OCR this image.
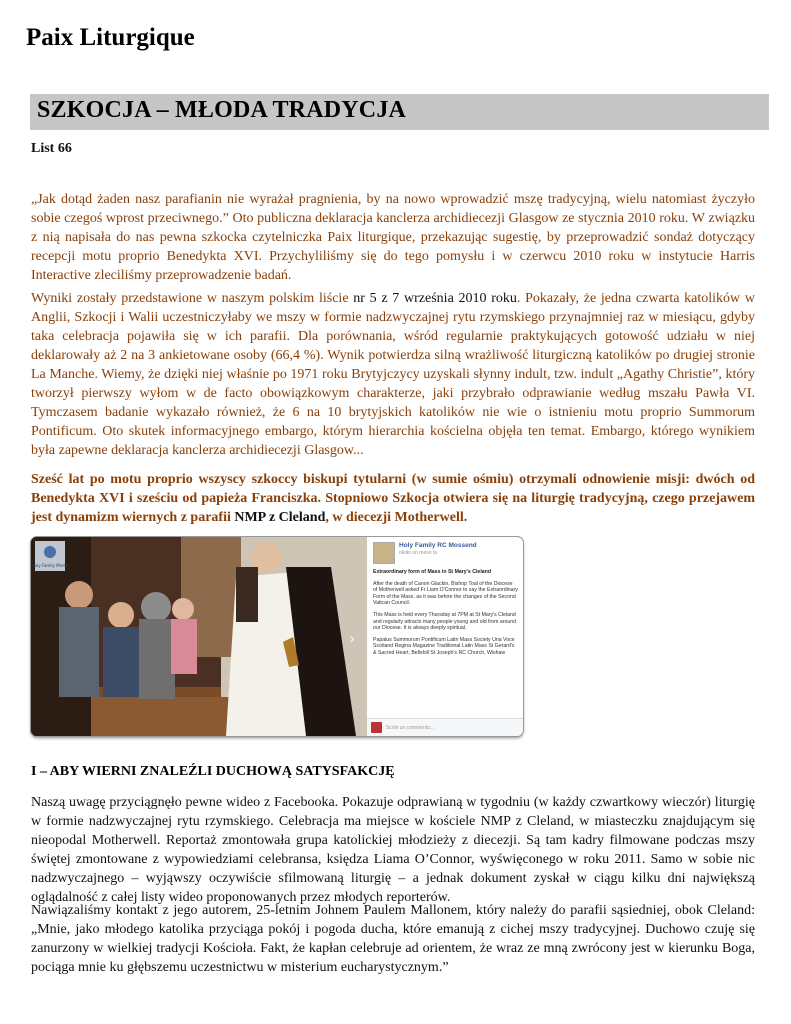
Paix Liturgique
SZKOCJA – MŁODA TRADYCJA
List 66

„Jak dotąd żaden nasz parafianin nie wyrażał pragnienia, by na nowo wprowadzić mszę tradycyjną, wielu natomiast życzyło sobie czegoś wprost przeciwnego.” Oto publiczna deklaracja kanclerza archidiecezji Glasgow ze stycznia 2010 roku. W związku z nią napisała do nas pewna szkocka czytelniczka Paix liturgique, przekazując sugestię, by przeprowadzić sondaż dotyczący recepcji motu proprio Benedykta XVI. Przychyliliśmy się do tego pomysłu i w czerwcu 2010 roku w instytucie Harris Interactive zleciliśmy przeprowadzenie badań.

Wyniki zostały przedstawione w naszym polskim liście nr 5 z 7 września 2010 roku. Pokazały, że jedna czwarta katolików w Anglii, Szkocji i Walii uczestniczyłaby we mszy w formie nadzwyczajnej rytu rzymskiego przynajmniej raz w miesiącu, gdyby taka celebracja pojawiła się w ich parafii. Dla porównania, wśród regularnie praktykujących gotowość udziału w niej deklarowały aż 2 na 3 ankietowane osoby (66,4 %). Wynik potwierdza silną wrażliwość liturgiczną katolików po drugiej stronie La Manche. Wiemy, że dzięki niej właśnie po 1971 roku Brytyjczycy uzyskali słynny indult, tzw. indult „Agathy Christie”, który tworzył pierwszy wyłom w de facto obowiązkowym charakterze, jaki przybrało odprawianie według mszału Pawła VI. Tymczasem badanie wykazało również, że 6 na 10 brytyjskich katolików nie wie o istnieniu motu proprio Summorum Pontificum. Oto skutek informacyjnego embargo, którym hierarchia kościelna objęła ten temat. Embargo, którego wynikiem była zapewne deklaracja kanclerza archidiecezji Glasgow...

Sześć lat po motu proprio wszyscy szkoccy biskupi tytularni (w sumie ośmiu) otrzymali odnowienie misji: dwóch od Benedykta XVI i sześciu od papieża Franciszka. Stopniowo Szkocja otwiera się na liturgię tradycyjną, czego przejawem jest dynamizm wiernych z parafii NMP z Cleland, w diecezji Motherwell.

Holy Family Media
›
Holy Family RC Mossend
około un mese fa

Extraordinary form of Mass in St Mary's Cleland

After the death of Canon Glackin, Bishop Toal of the Diocese of Motherwell asked Fr Liam O'Connor to say the Extraordinary Form of the Mass, as it was before the changes of the Second Vatican Council.

This Mass is held every Thursday at 7PM at St Mary's Cleland and regularly attracts many people young and old from around our Diocese. It is always deeply spiritual.

Papalus Summorum Pontificum Latin Mass Society Una Voce Scotland Regina Magazine Traditional Latin Mass St Gerard's & Sacred Heart, Bellshill St Joseph's RC Church, Wishaw

Scrivi un commento...
I – ABY WIERNI ZNALEŹLI DUCHOWĄ SATYSFAKCJĘ

Naszą uwagę przyciągnęło pewne wideo z Facebooka. Pokazuje odprawianą w tygodniu (w każdy czwartkowy wieczór) liturgię w formie nadzwyczajnej rytu rzymskiego. Celebracja ma miejsce w kościele NMP z Cleland, w miasteczku znajdującym się nieopodal Motherwell. Reportaż zmontowała grupa katolickiej młodzieży z diecezji. Są tam kadry filmowane podczas mszy świętej zmontowane z wypowiedziami celebransa, księdza Liama O’Connor, wyświęconego w roku 2011. Samo w sobie nic nadzwyczajnego – wyjąwszy oczywiście sfilmowaną liturgię – a jednak dokument zyskał w ciągu kilku dni największą oglądalność z całej listy wideo proponowanych przez młodych reporterów.

Nawiązaliśmy kontakt z jego autorem, 25-letnim Johnem Paulem Mallonem, który należy do parafii sąsiedniej, obok Cleland: „Mnie, jako młodego katolika przyciąga pokój i pogoda ducha, które emanują z cichej mszy tradycyjnej. Duchowo czuję się zanurzony w wielkiej tradycji Kościoła. Fakt, że kapłan celebruje ad orientem, że wraz ze mną zwrócony jest w kierunku Boga, pociąga mnie ku głębszemu uczestnictwu w misterium eucharystycznym.”
